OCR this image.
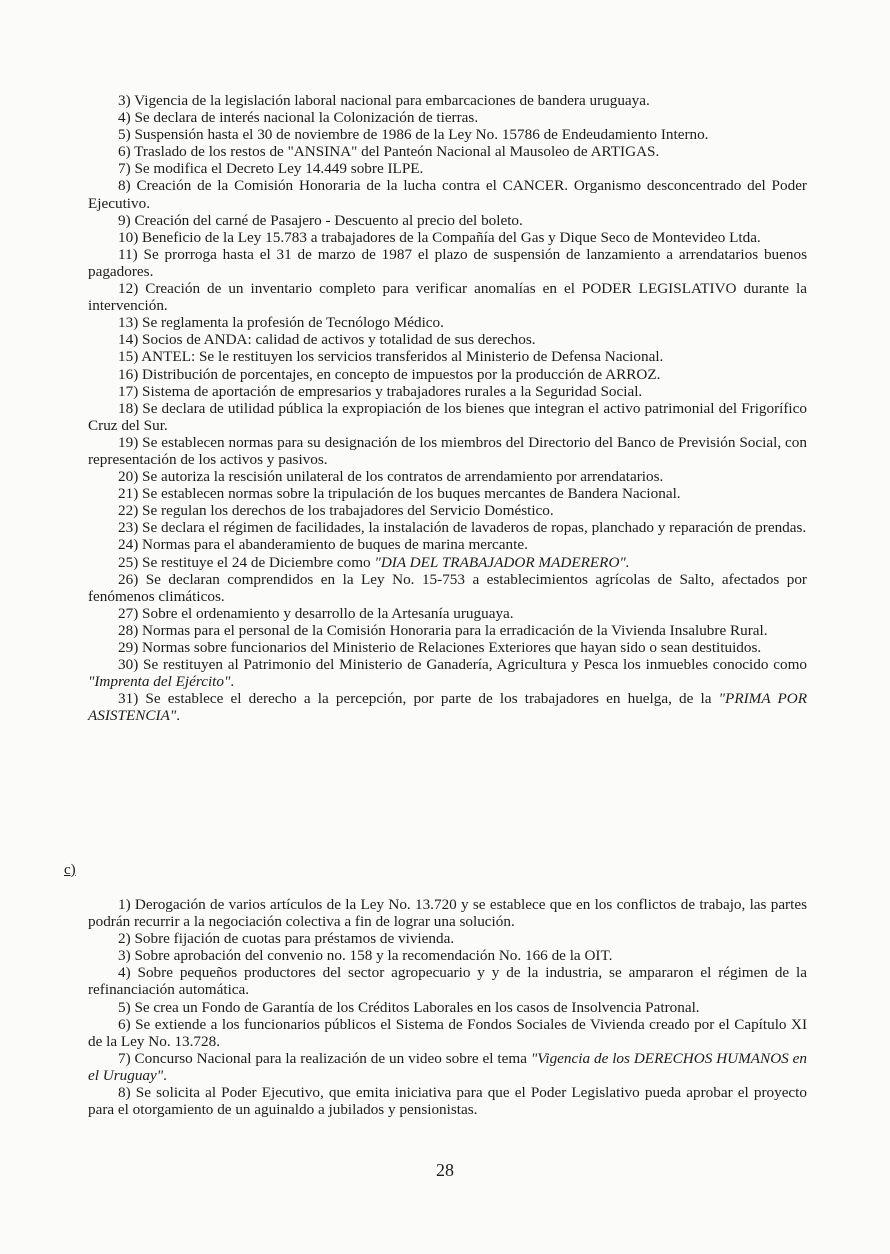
3) Vigencia de la legislación laboral nacional para embarcaciones de bandera uruguaya.

4) Se declara de interés nacional la Colonización de tierras.

5) Suspensión hasta el 30 de noviembre de 1986 de la Ley No. 15786 de Endeudamiento Interno.

6) Traslado de los restos de "ANSINA" del Panteón Nacional al Mausoleo de ARTIGAS.

7) Se modifica el Decreto Ley 14.449 sobre ILPE.

8) Creación de la Comisión Honoraria de la lucha contra el CANCER. Organismo desconcentrado del Poder Ejecutivo.

9) Creación del carné de Pasajero - Descuento al precio del boleto.

10) Beneficio de la Ley 15.783 a trabajadores de la Compañía del Gas y Dique Seco de Montevideo Ltda.

11) Se prorroga hasta el 31 de marzo de 1987 el plazo de suspensión de lanzamiento a arrendatarios buenos pagadores.

12) Creación de un inventario completo para verificar anomalías en el PODER LEGISLATIVO durante la intervención.

13) Se reglamenta la profesión de Tecnólogo Médico.

14) Socios de ANDA: calidad de activos y totalidad de sus derechos.

15) ANTEL: Se le restituyen los servicios transferidos al Ministerio de Defensa Nacional.

16) Distribución de porcentajes, en concepto de impuestos por la producción de ARROZ.

17) Sistema de aportación de empresarios y trabajadores rurales a la Seguridad Social.

18) Se declara de utilidad pública la expropiación de los bienes que integran el activo patrimonial del Frigorífico Cruz del Sur.

19) Se establecen normas para su designación de los miembros del Directorio del Banco de Previsión Social, con representación de los activos y pasivos.

20) Se autoriza la rescisión unilateral de los contratos de arrendamiento por arrendatarios.

21) Se establecen normas sobre la tripulación de los buques mercantes de Bandera Nacional.

22) Se regulan los derechos de los trabajadores del Servicio Doméstico.

23) Se declara el régimen de facilidades, la instalación de lavaderos de ropas, planchado y reparación de prendas.

24) Normas para el abanderamiento de buques de marina mercante.

25) Se restituye el 24 de Diciembre como "DIA DEL TRABAJADOR MADERERO".

26) Se declaran comprendidos en la Ley No. 15-753 a establecimientos agrícolas de Salto, afectados por fenómenos climáticos.

27) Sobre el ordenamiento y desarrollo de la Artesanía uruguaya.

28) Normas para el personal de la Comisión Honoraria para la erradicación de la Vivienda Insalubre Rural.

29) Normas sobre funcionarios del Ministerio de Relaciones Exteriores que hayan sido o sean destituidos.

30) Se restituyen al Patrimonio del Ministerio de Ganadería, Agricultura y Pesca los inmuebles conocido como "Imprenta del Ejército".

31) Se establece el derecho a la percepción, por parte de los trabajadores en huelga, de la "PRIMA POR ASISTENCIA".

c)

1) Derogación de varios artículos de la Ley No. 13.720 y se establece que en los conflictos de trabajo, las partes podrán recurrir a la negociación colectiva a fin de lograr una solución.

2) Sobre fijación de cuotas para préstamos de vivienda.

3) Sobre aprobación del convenio no. 158 y la recomendación No. 166 de la OIT.

4) Sobre pequeños productores del sector agropecuario y y de la industria, se ampararon el régimen de la refinanciación automática.

5) Se crea un Fondo de Garantía de los Créditos Laborales en los casos de Insolvencia Patronal.

6) Se extiende a los funcionarios públicos el Sistema de Fondos Sociales de Vivienda creado por el Capítulo XI de la Ley No. 13.728.

7) Concurso Nacional para la realización de un video sobre el tema "Vigencia de los DERECHOS HUMANOS en el Uruguay".

8) Se solicita al Poder Ejecutivo, que emita iniciativa para que el Poder Legislativo pueda aprobar el proyecto para el otorgamiento de un aguinaldo a jubilados y pensionistas.

28
